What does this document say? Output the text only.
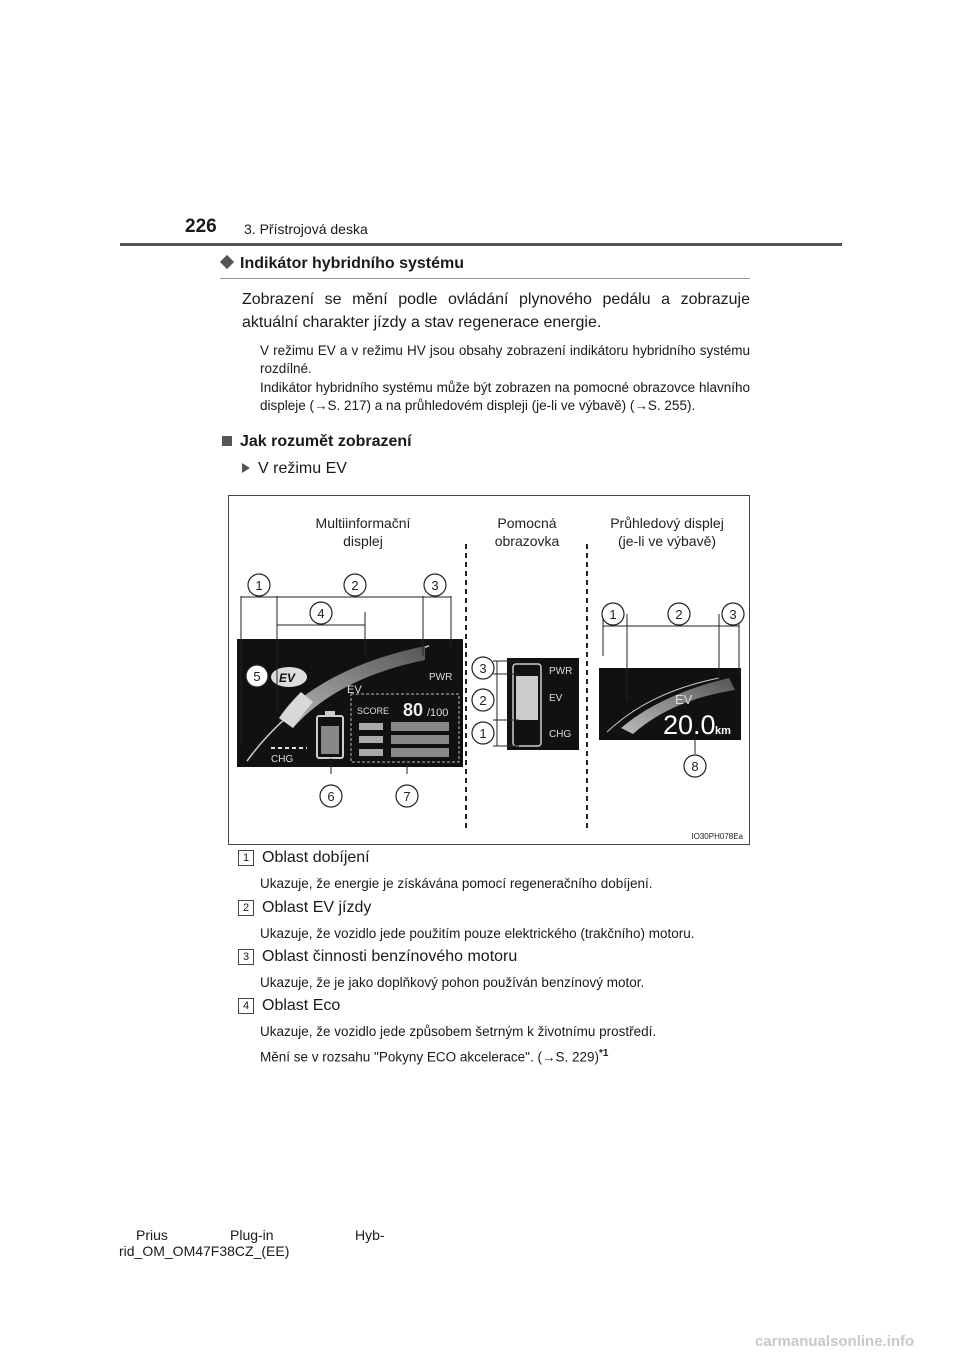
226 3. Přístrojová deska
Indikátor hybridního systému
Zobrazení se mění podle ovládání plynového pedálu a zobrazuje aktuální charakter jízdy a stav regenerace energie.
V režimu EV a v režimu HV jsou obsahy zobrazení indikátoru hybridního systému rozdílné.
Indikátor hybridního systému může být zobrazen na pomocné obrazovce hlavního displeje (→S. 217) a na průhledovém displeji (je-li ve výbavě) (→S. 255).
Jak rozumět zobrazení
V režimu EV
Multiinformační
displej
Pomocná
obrazovka
Průhledový displej
(je-li ve výbavě)
EV
EV
PWR
CHG
SCORE 80 /100
PWR
EV
CHG
EV
20.0 km
1	2	3
4
5
6	7
3
2
1
1	2	3
8
IO30PH078Ea
1 Oblast dobíjení
Ukazuje, že energie je získávána pomocí regeneračního dobíjení.
2 Oblast EV jízdy
Ukazuje, že vozidlo jede použitím pouze elektrického (trakčního) motoru.
3 Oblast činnosti benzínového motoru
Ukazuje, že je jako doplňkový pohon používán benzínový motor.
4 Oblast Eco
Ukazuje, že vozidlo jede způsobem šetrným k životnímu prostředí.
Mění se v rozsahu "Pokyny ECO akcelerace". (→S. 229)$^{*1}$
Prius	Plug-in	Hyb-
rid_OM_OM47F38CZ_(EE)
carmanualsonline.info
